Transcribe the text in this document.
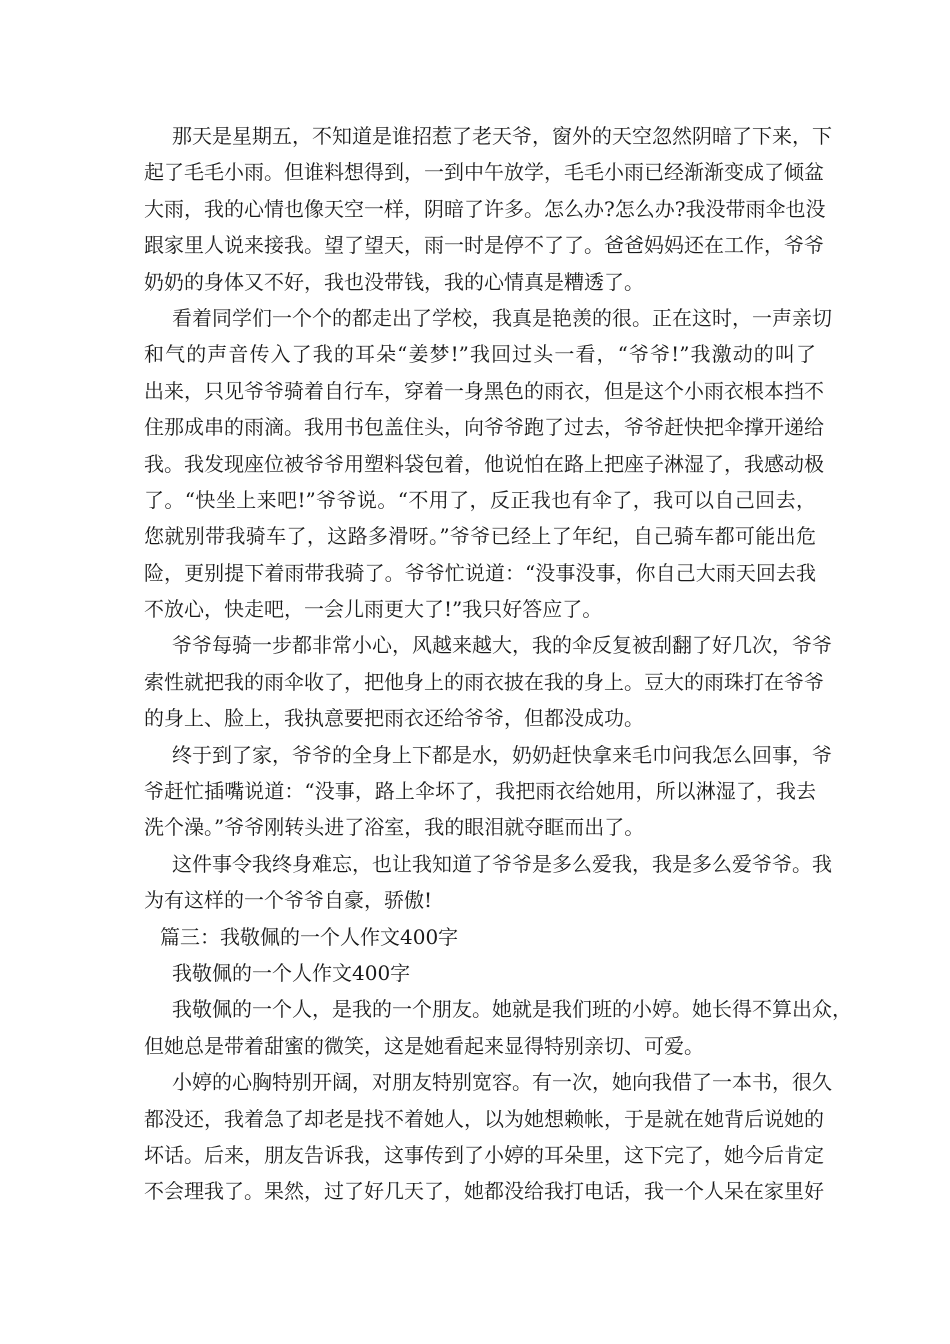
那天是星期五，不知道是谁招惹了老天爷，窗外的天空忽然阴暗了下来，下
起了毛毛小雨。但谁料想得到，一到中午放学，毛毛小雨已经渐渐变成了倾盆
大雨，我的心情也像天空一样，阴暗了许多。怎么办?怎么办?我没带雨伞也没
跟家里人说来接我。望了望天，雨一时是停不了了。爸爸妈妈还在工作，爷爷
奶奶的身体又不好，我也没带钱，我的心情真是糟透了。
看着同学们一个个的都走出了学校，我真是艳羡的很。正在这时，一声亲切
和气的声音传入了我的耳朵“姜梦!”我回过头一看，“爷爷!”我激动的叫了
出来，只见爷爷骑着自行车，穿着一身黑色的雨衣，但是这个小雨衣根本挡不
住那成串的雨滴。我用书包盖住头，向爷爷跑了过去，爷爷赶快把伞撑开递给
我。我发现座位被爷爷用塑料袋包着，他说怕在路上把座子淋湿了，我感动极
了。“快坐上来吧!”爷爷说。“不用了，反正我也有伞了，我可以自己回去，
您就别带我骑车了，这路多滑呀。”爷爷已经上了年纪，自己骑车都可能出危
险，更别提下着雨带我骑了。爷爷忙说道：“没事没事，你自己大雨天回去我
不放心，快走吧，一会儿雨更大了!”我只好答应了。
爷爷每骑一步都非常小心，风越来越大，我的伞反复被刮翻了好几次，爷爷
索性就把我的雨伞收了，把他身上的雨衣披在我的身上。豆大的雨珠打在爷爷
的身上、脸上，我执意要把雨衣还给爷爷，但都没成功。
终于到了家，爷爷的全身上下都是水，奶奶赶快拿来毛巾问我怎么回事，爷
爷赶忙插嘴说道：“没事，路上伞坏了，我把雨衣给她用，所以淋湿了，我去
洗个澡。”爷爷刚转头进了浴室，我的眼泪就夺眶而出了。
这件事令我终身难忘，也让我知道了爷爷是多么爱我，我是多么爱爷爷。我
为有这样的一个爷爷自豪，骄傲!
篇三：我敬佩的一个人作文400字
我敬佩的一个人作文400字
我敬佩的一个人，是我的一个朋友。她就是我们班的小婷。她长得不算出众，
但她总是带着甜蜜的微笑，这是她看起来显得特别亲切、可爱。
小婷的心胸特别开阔，对朋友特别宽容。有一次，她向我借了一本书，很久
都没还，我着急了却老是找不着她人，以为她想赖帐，于是就在她背后说她的
坏话。后来，朋友告诉我，这事传到了小婷的耳朵里，这下完了，她今后肯定
不会理我了。果然，过了好几天了，她都没给我打电话，我一个人呆在家里好
